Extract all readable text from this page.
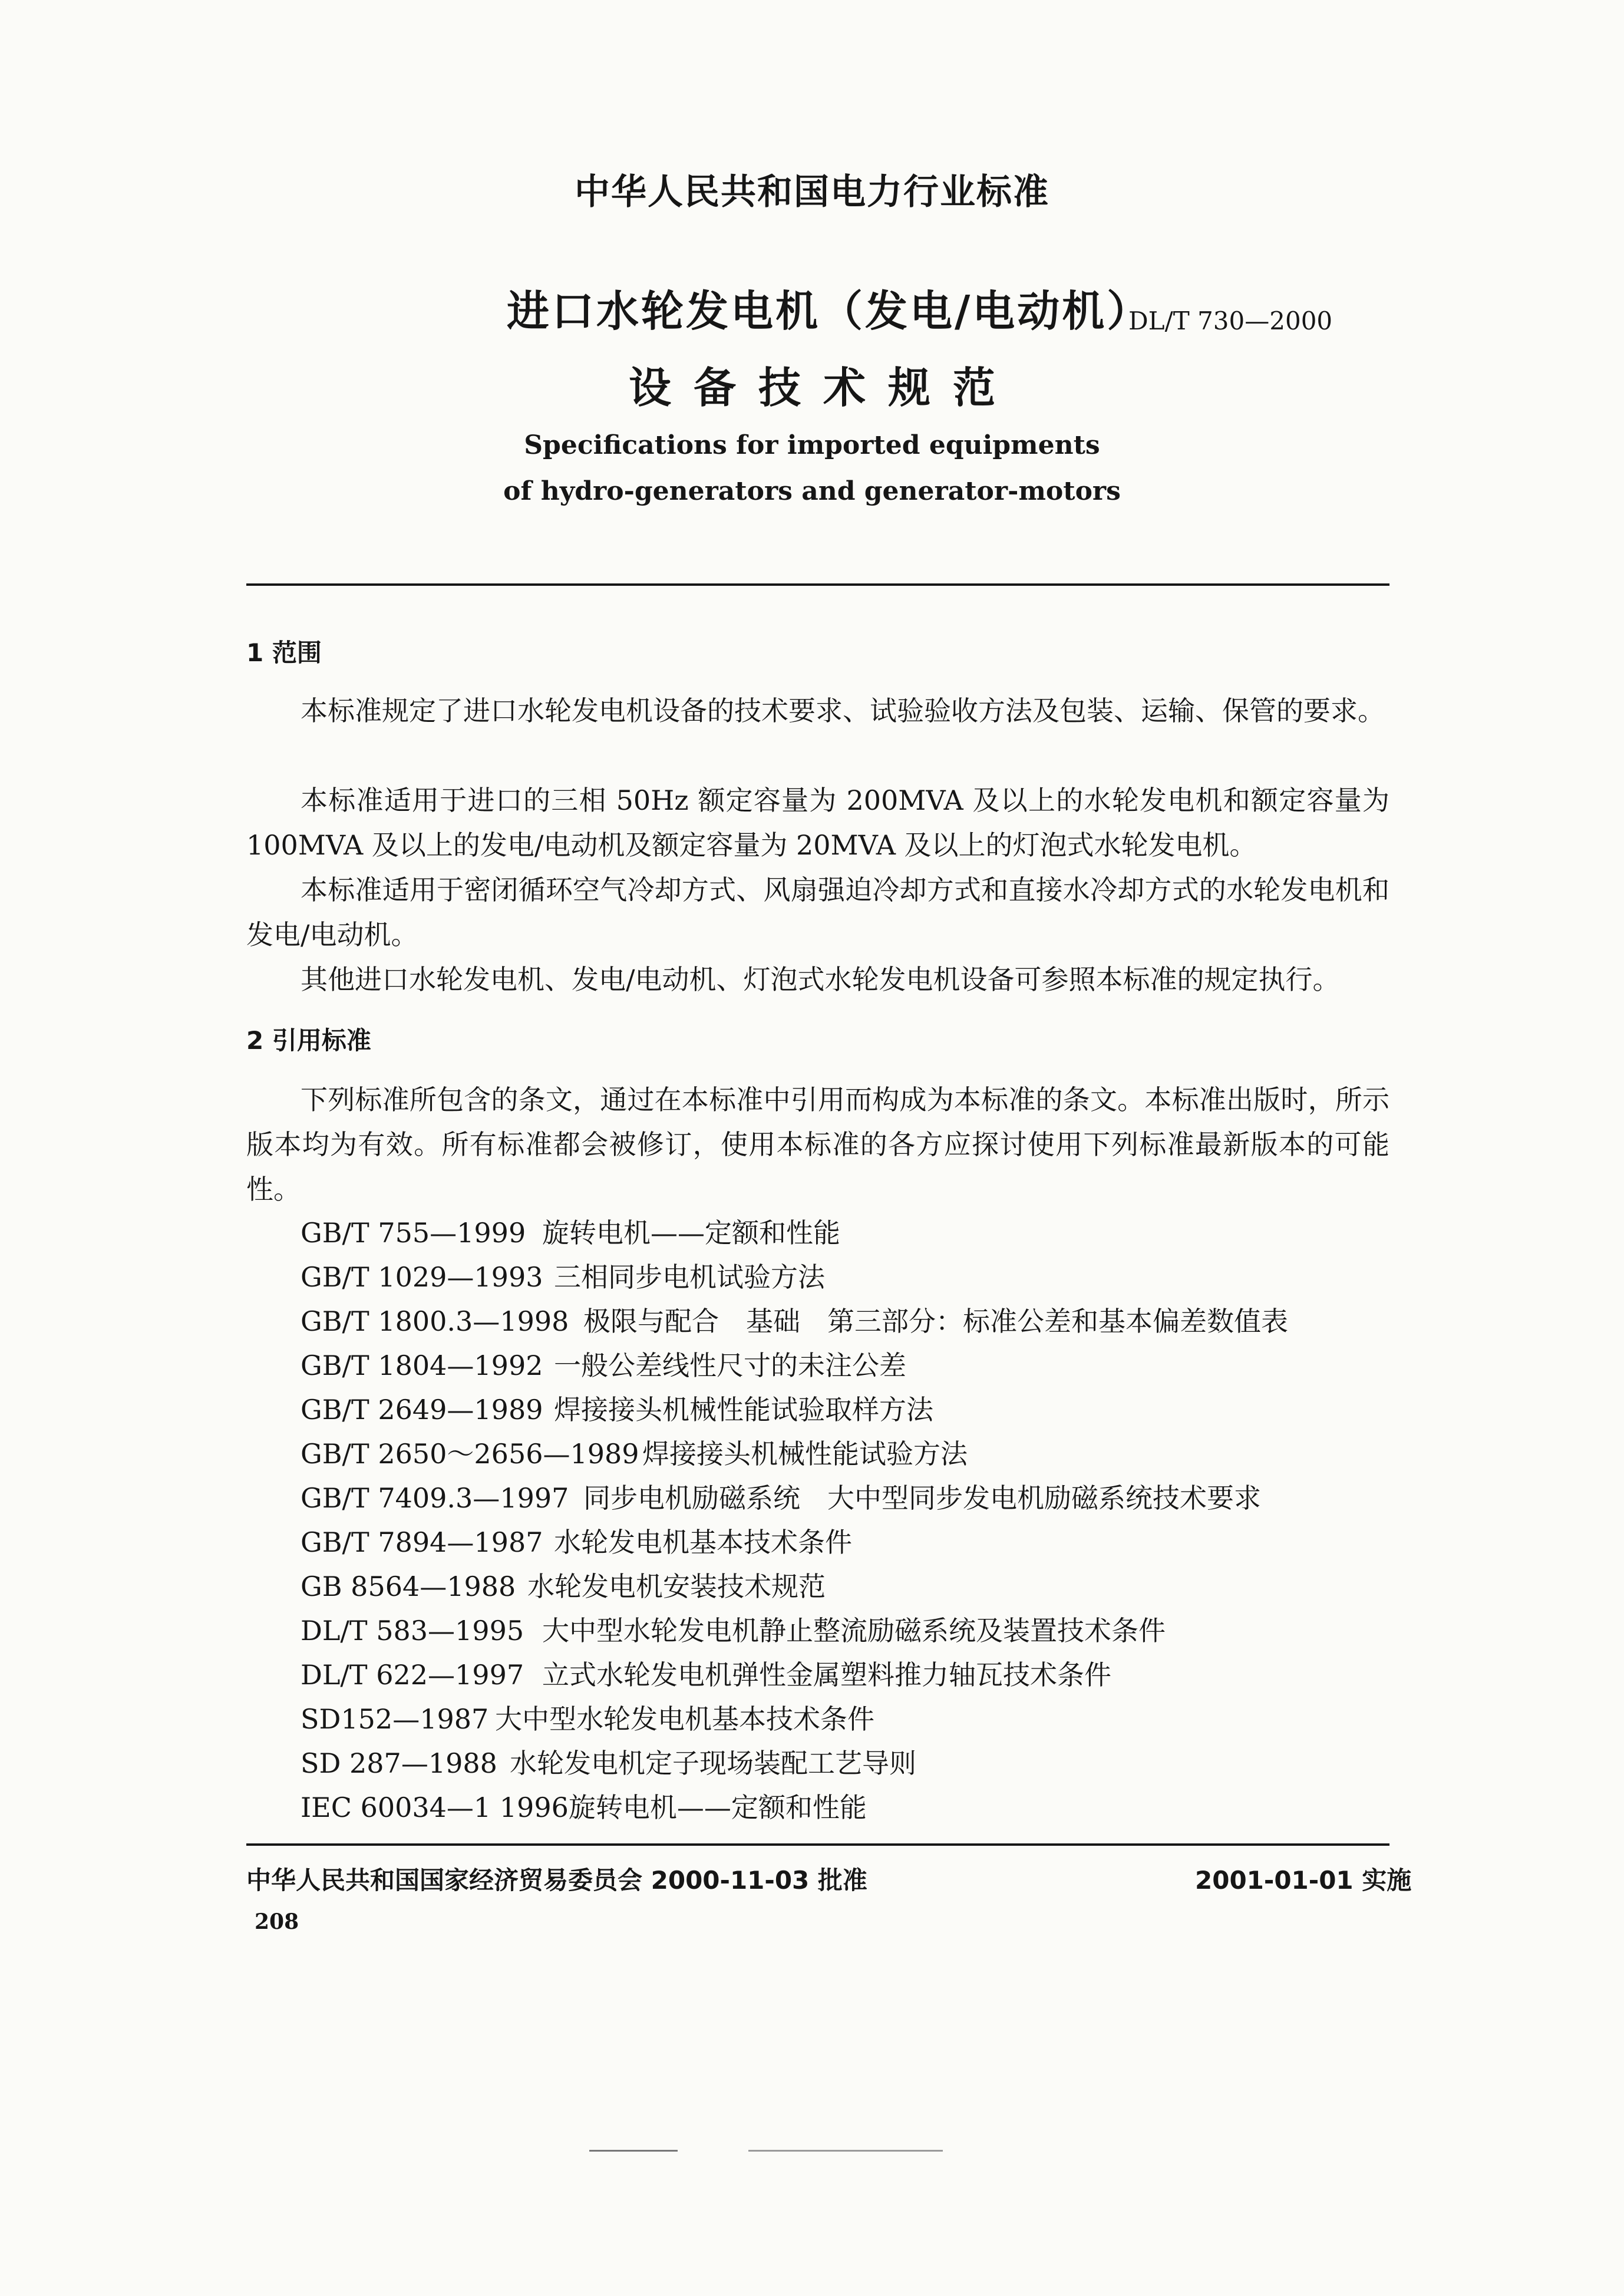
中华人民共和国电力行业标准
进口水轮发电机（发电/电动机）
DL/T 730—2000
设备技术规范
Specifications for imported equipments
of hydro-generators and generator-motors
1 范围
本标准规定了进口水轮发电机设备的技术要求、试验验收方法及包装、运输、保管的要求。
本标准适用于进口的三相 50Hz 额定容量为 200MVA 及以上的水轮发电机和额定容量为 100MVA 及以上的发电/电动机及额定容量为 20MVA 及以上的灯泡式水轮发电机。
本标准适用于密闭循环空气冷却方式、风扇强迫冷却方式和直接水冷却方式的水轮发电机和发电/电动机。
其他进口水轮发电机、发电/电动机、灯泡式水轮发电机设备可参照本标准的规定执行。
2 引用标准
下列标准所包含的条文，通过在本标准中引用而构成为本标准的条文。本标准出版时，所示版本均为有效。所有标准都会被修订，使用本标准的各方应探讨使用下列标准最新版本的可能性。
GB/T 755—1999 旋转电机——定额和性能
GB/T 1029—1993 三相同步电机试验方法
GB/T 1800.3—1998 极限与配合　基础　第三部分：标准公差和基本偏差数值表
GB/T 1804—1992 一般公差线性尺寸的未注公差
GB/T 2649—1989 焊接接头机械性能试验取样方法
GB/T 2650～2656—1989 焊接接头机械性能试验方法
GB/T 7409.3—1997 同步电机励磁系统　大中型同步发电机励磁系统技术要求
GB/T 7894—1987 水轮发电机基本技术条件
GB 8564—1988 水轮发电机安装技术规范
DL/T 583—1995 大中型水轮发电机静止整流励磁系统及装置技术条件
DL/T 622—1997 立式水轮发电机弹性金属塑料推力轴瓦技术条件
SD152—1987 大中型水轮发电机基本技术条件
SD 287—1988 水轮发电机定子现场装配工艺导则
IEC 60034—1 1996旋转电机——定额和性能
中华人民共和国国家经济贸易委员会 2000-11-03 批准	2001-01-01 实施
208
